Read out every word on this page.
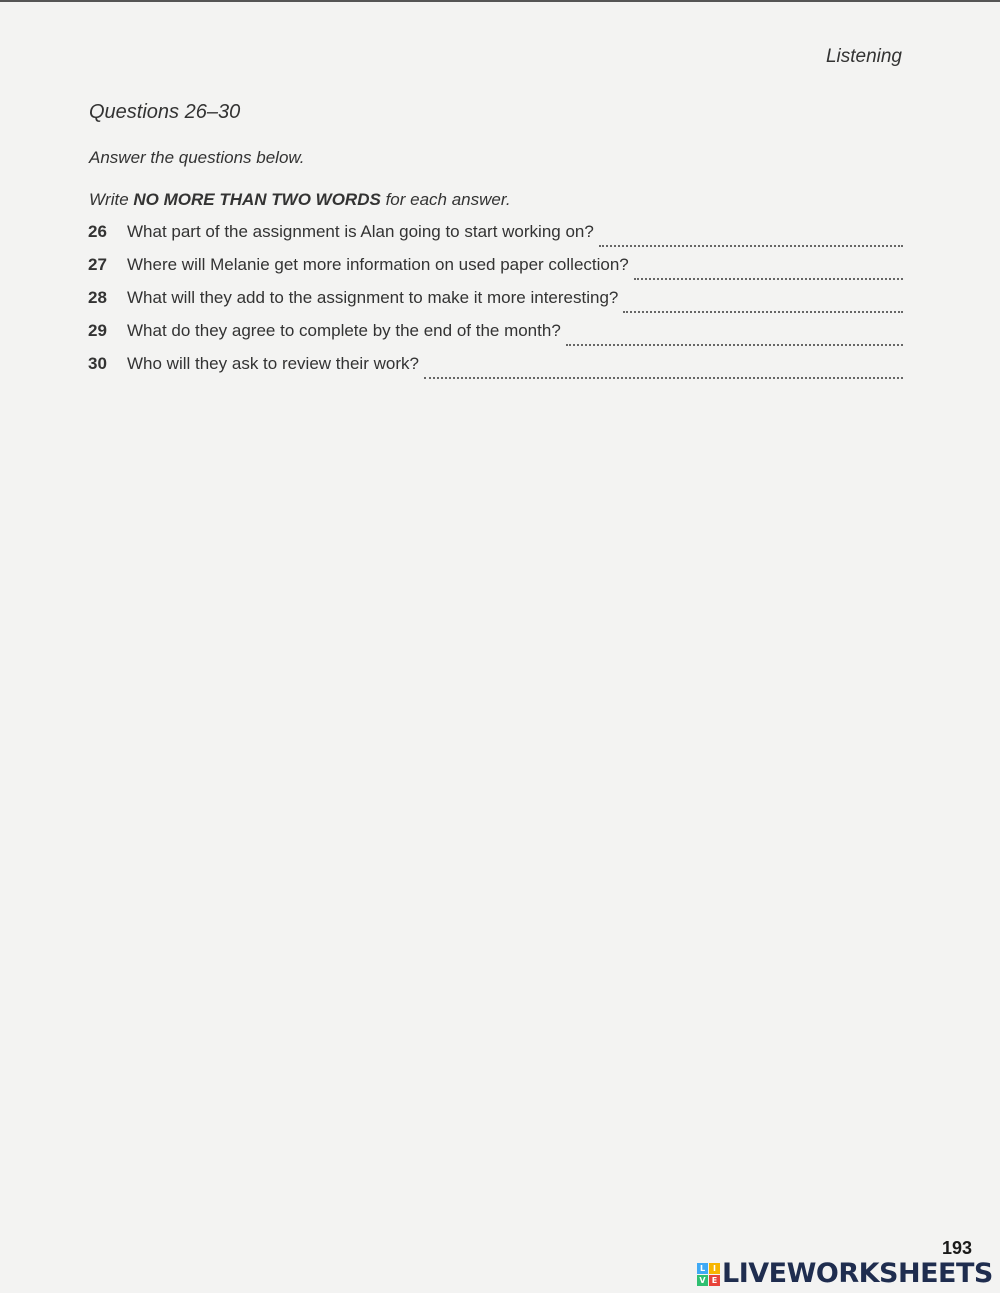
Listening
Questions 26–30
Answer the questions below.
Write NO MORE THAN TWO WORDS for each answer.
26	What part of the assignment is Alan going to start working on?
27	Where will Melanie get more information on used paper collection?
28	What will they add to the assignment to make it more interesting?
29	What do they agree to complete by the end of the month?
30	Who will they ask to review their work?
193
L I
V E LIVEWORKSHEETS
